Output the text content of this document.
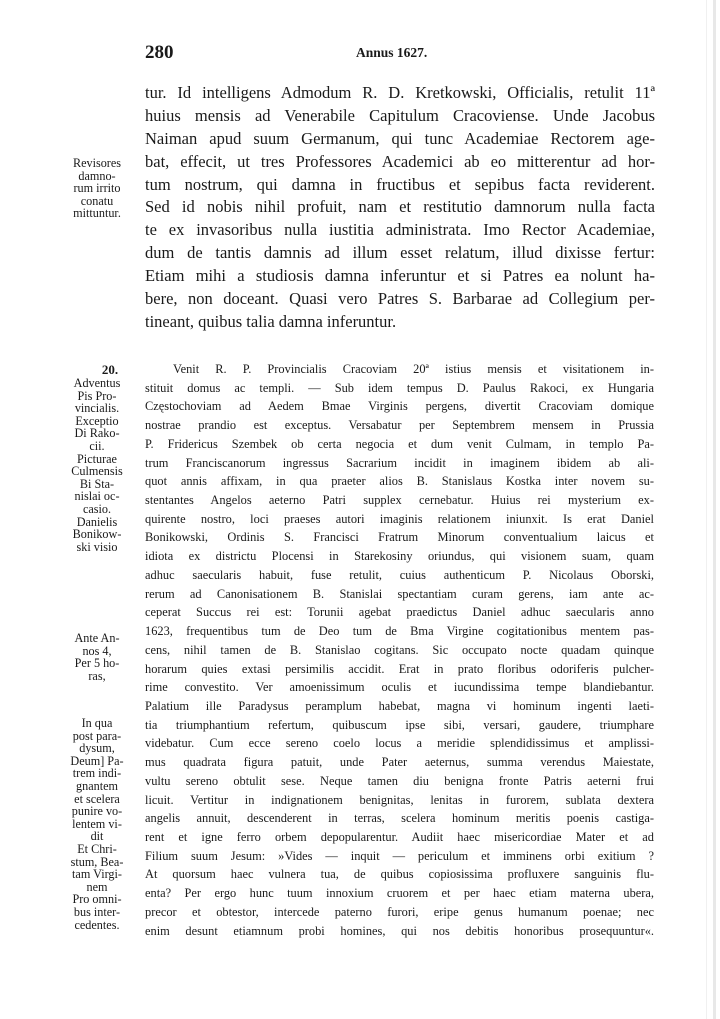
280	Annus 1627.
tur. Id intelligens Admodum R. D. Kretkowski, Officialis, retulit 11ª
huius mensis ad Venerabile Capitulum Cracoviense. Unde Jacobus
Naiman apud suum Germanum, qui tunc Academiae Rectorem age-
bat, effecit, ut tres Professores Academici ab eo mitterentur ad hor-
tum nostrum, qui damna in fructibus et sepibus facta reviderent.
Sed id nobis nihil profuit, nam et restitutio damnorum nulla facta
te ex invasoribus nulla iustitia administrata. Imo Rector Academiae,
dum de tantis damnis ad illum esset relatum, illud dixisse fertur:
Etiam mihi a studiosis damna inferuntur et si Patres ea nolunt ha-
bere, non doceant. Quasi vero Patres S. Barbarae ad Collegium per-
tineant, quibus talia damna inferuntur.
Revisores
damno-
rum irrito
conatu
mittuntur.
20.
Adventus
Pis Pro-
vincialis.
Exceptio
Di Rako-
cii.
Picturae
Culmensis
Bi Sta-
nislai oc-
casio.
Danielis
Bonikow-
ski visio
Ante An-
nos 4,
Per 5 ho-
ras,
In qua
post para-
dysum,
Deum] Pa-
trem indi-
gnantem
et scelera
punire vo-
lentem vi-
dit
Et Chri-
stum, Bea-
tam Virgi-
nem
Pro omni-
bus inter-
cedentes.
Venit R. P. Provincialis Cracoviam 20ª istius mensis et visitationem in-
stituit domus ac templi. — Sub idem tempus D. Paulus Rakoci, ex Hungaria
Częstochoviam ad Aedem Bmae Virginis pergens, divertit Cracoviam domique
nostrae prandio est exceptus. Versabatur per Septembrem mensem in Prussia
P. Fridericus Szembek ob certa negocia et dum venit Culmam, in templo Pa-
trum Franciscanorum ingressus Sacrarium incidit in imaginem ibidem ab ali-
quot annis affixam, in qua praeter alios B. Stanislaus Kostka inter novem su-
stentantes Angelos aeterno Patri supplex cernebatur. Huius rei mysterium ex-
quirente nostro, loci praeses autori imaginis relationem iniunxit. Is erat Daniel
Bonikowski, Ordinis S. Francisci Fratrum Minorum conventualium laicus et
idiota ex districtu Plocensi in Starekosiny oriundus, qui visionem suam, quam
adhuc saecularis habuit, fuse retulit, cuius authenticum P. Nicolaus Oborski,
rerum ad Canonisationem B. Stanislai spectantiam curam gerens, iam ante ac-
ceperat Succus rei est: Torunii agebat praedictus Daniel adhuc saecularis anno
1623, frequentibus tum de Deo tum de Bma Virgine cogitationibus mentem pas-
cens, nihil tamen de B. Stanislao cogitans. Sic occupato nocte quadam quinque
horarum quies extasi persimilis accidit. Erat in prato floribus odoriferis pulcher-
rime convestito. Ver amoenissimum oculis et iucundissima tempe blandiebantur.
Palatium ille Paradysus peramplum habebat, magna vi hominum ingenti laeti-
tia triumphantium refertum, quibuscum ipse sibi, versari, gaudere, triumphare
videbatur. Cum ecce sereno coelo locus a meridie splendidissimus et amplissi-
mus quadrata figura patuit, unde Pater aeternus, summa verendus Maiestate,
vultu sereno obtulit sese. Neque tamen diu benigna fronte Patris aeterni frui
licuit. Vertitur in indignationem benignitas, lenitas in furorem, sublata dextera
angelis annuit, descenderent in terras, scelera hominum meritis poenis castiga-
rent et igne ferro orbem depopularentur. Audiit haec misericordiae Mater et ad
Filium suum Jesum: »Vides — inquit — periculum et imminens orbi exitium ?
At quorsum haec vulnera tua, de quibus copiosissima profluxere sanguinis flu-
enta? Per ergo hunc tuum innoxium cruorem et per haec etiam materna ubera,
precor et obtestor, intercede paterno furori, eripe genus humanum poenae; nec
enim desunt etiamnum probi homines, qui nos debitis honoribus prosequuntur«.
